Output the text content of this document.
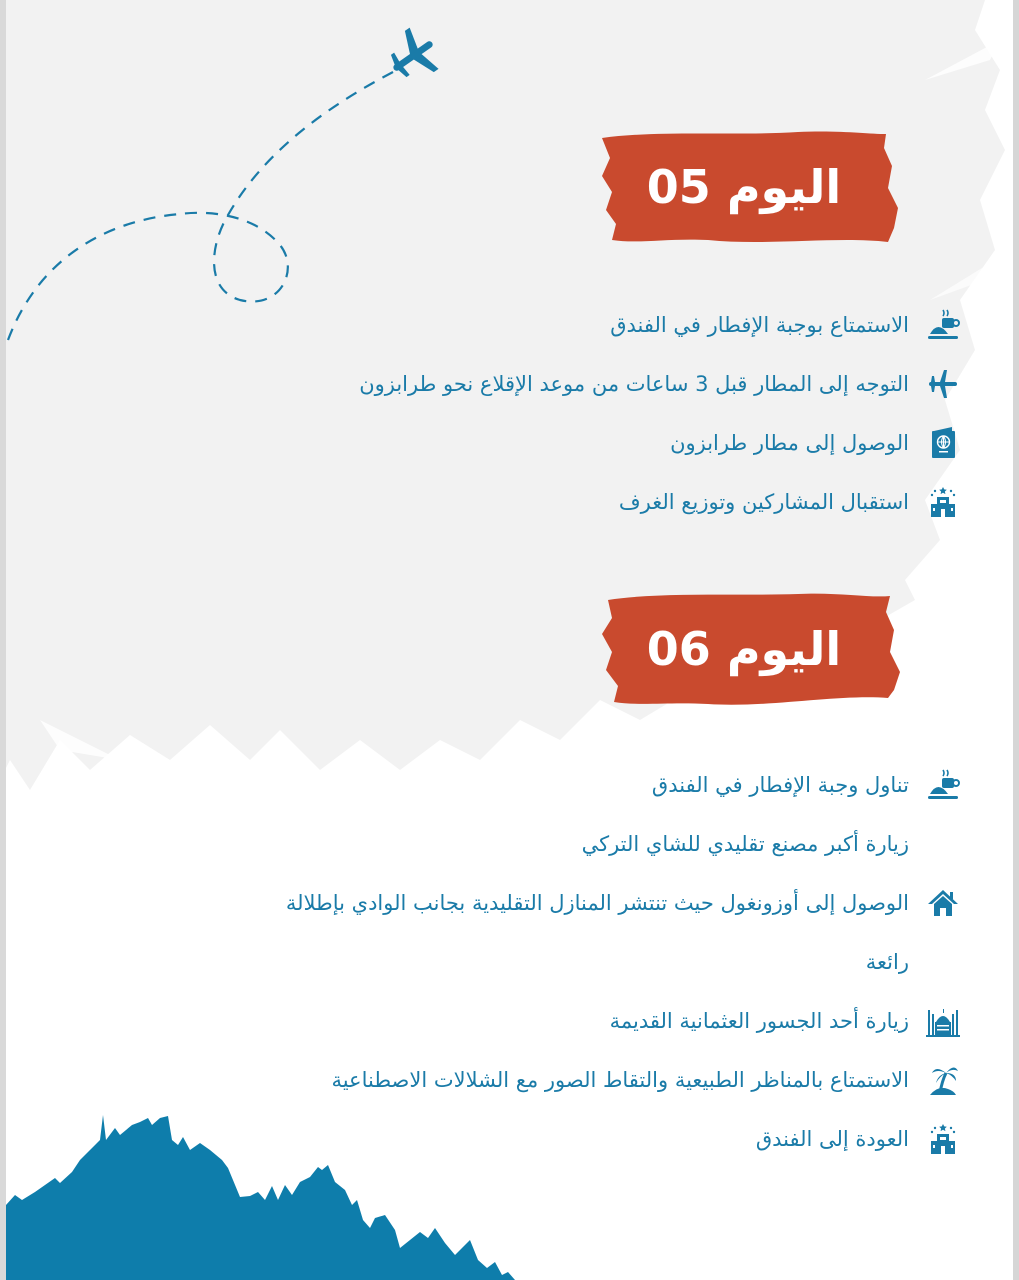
اليوم 05
الاستمتاع بوجبة الإفطار في الفندق
التوجه إلى المطار قبل 3 ساعات من موعد الإقلاع نحو طرابزون
الوصول إلى مطار طرابزون
استقبال المشاركين وتوزيع الغرف
اليوم 06
تناول وجبة الإفطار في الفندق
زيارة أكبر مصنع تقليدي للشاي التركي
الوصول إلى أوزونغول حيث تنتشر المنازل التقليدية بجانب الوادي بإطلالة
رائعة
زيارة أحد الجسور العثمانية القديمة
الاستمتاع بالمناظر الطبيعية والتقاط الصور مع الشلالات الاصطناعية
العودة إلى الفندق
